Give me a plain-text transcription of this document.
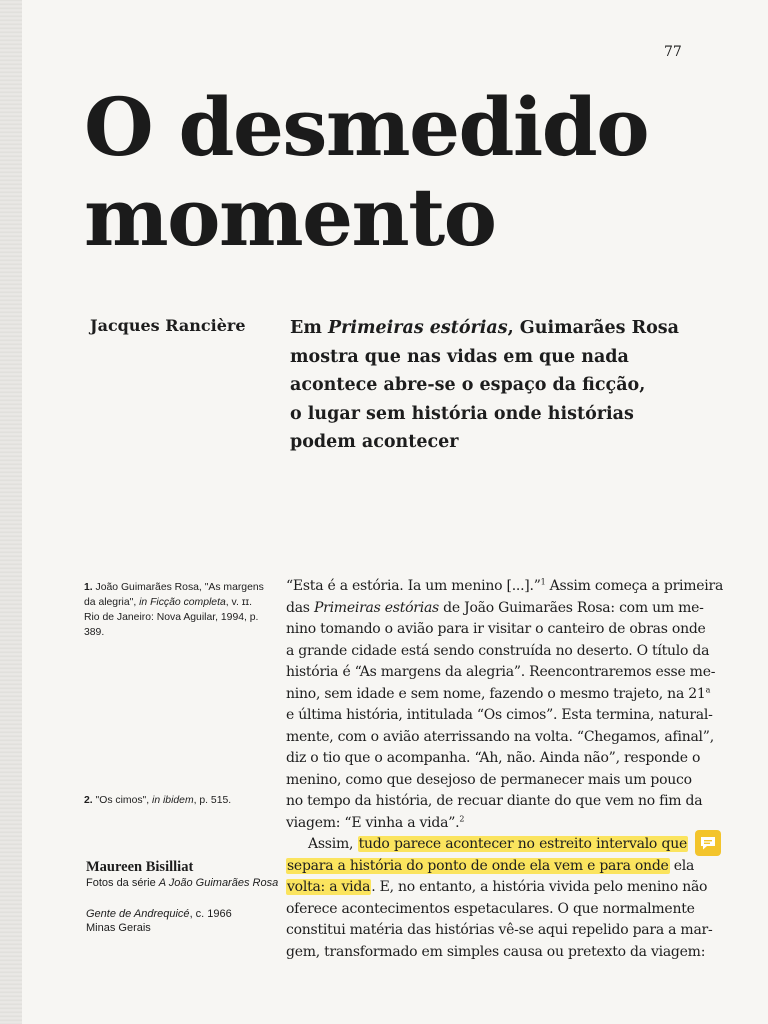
77
O desmedido
momento
Jacques Rancière	Em Primeiras estórias, Guimarães Rosa
mostra que nas vidas em que nada
acontece abre-se o espaço da ficção,
o lugar sem história onde histórias
podem acontecer
1. João Guimarães Rosa, "As margens da alegria", in Ficção completa, v. ɪɪ. Rio de Janeiro: Nova Aguilar, 1994, p. 389.
2. "Os cimos", in ibidem, p. 515.
Maureen Bisilliat
Fotos da série A João Guimarães Rosa
Gente de Andrequicé, c. 1966
Minas Gerais
“Esta é a estória. Ia um menino [...].”$^1$ Assim começa a primeira
das Primeiras estórias de João Guimarães Rosa: com um me-
nino tomando o avião para ir visitar o canteiro de obras onde
a grande cidade está sendo construída no deserto. O título da
história é “As margens da alegria”. Reencontraremos esse me-
nino, sem idade e sem nome, fazendo o mesmo trajeto, na 21$^a$
e última história, intitulada “Os cimos”. Esta termina, natural-
mente, com o avião aterrissando na volta. “Chegamos, afinal”,
diz o tio que o acompanha. “Ah, não. Ainda não”, responde o
menino, como que desejoso de permanecer mais um pouco
no tempo da história, de recuar diante do que vem no fim da
viagem: “E vinha a vida”.$^2$
Assim, tudo parece acontecer no estreito intervalo que
separa a história do ponto de onde ela vem e para onde ela
volta: a vida. E, no entanto, a história vivida pelo menino não
oferece acontecimentos espetaculares. O que normalmente
constitui matéria das histórias vê-se aqui repelido para a mar-
gem, transformado em simples causa ou pretexto da viagem:
